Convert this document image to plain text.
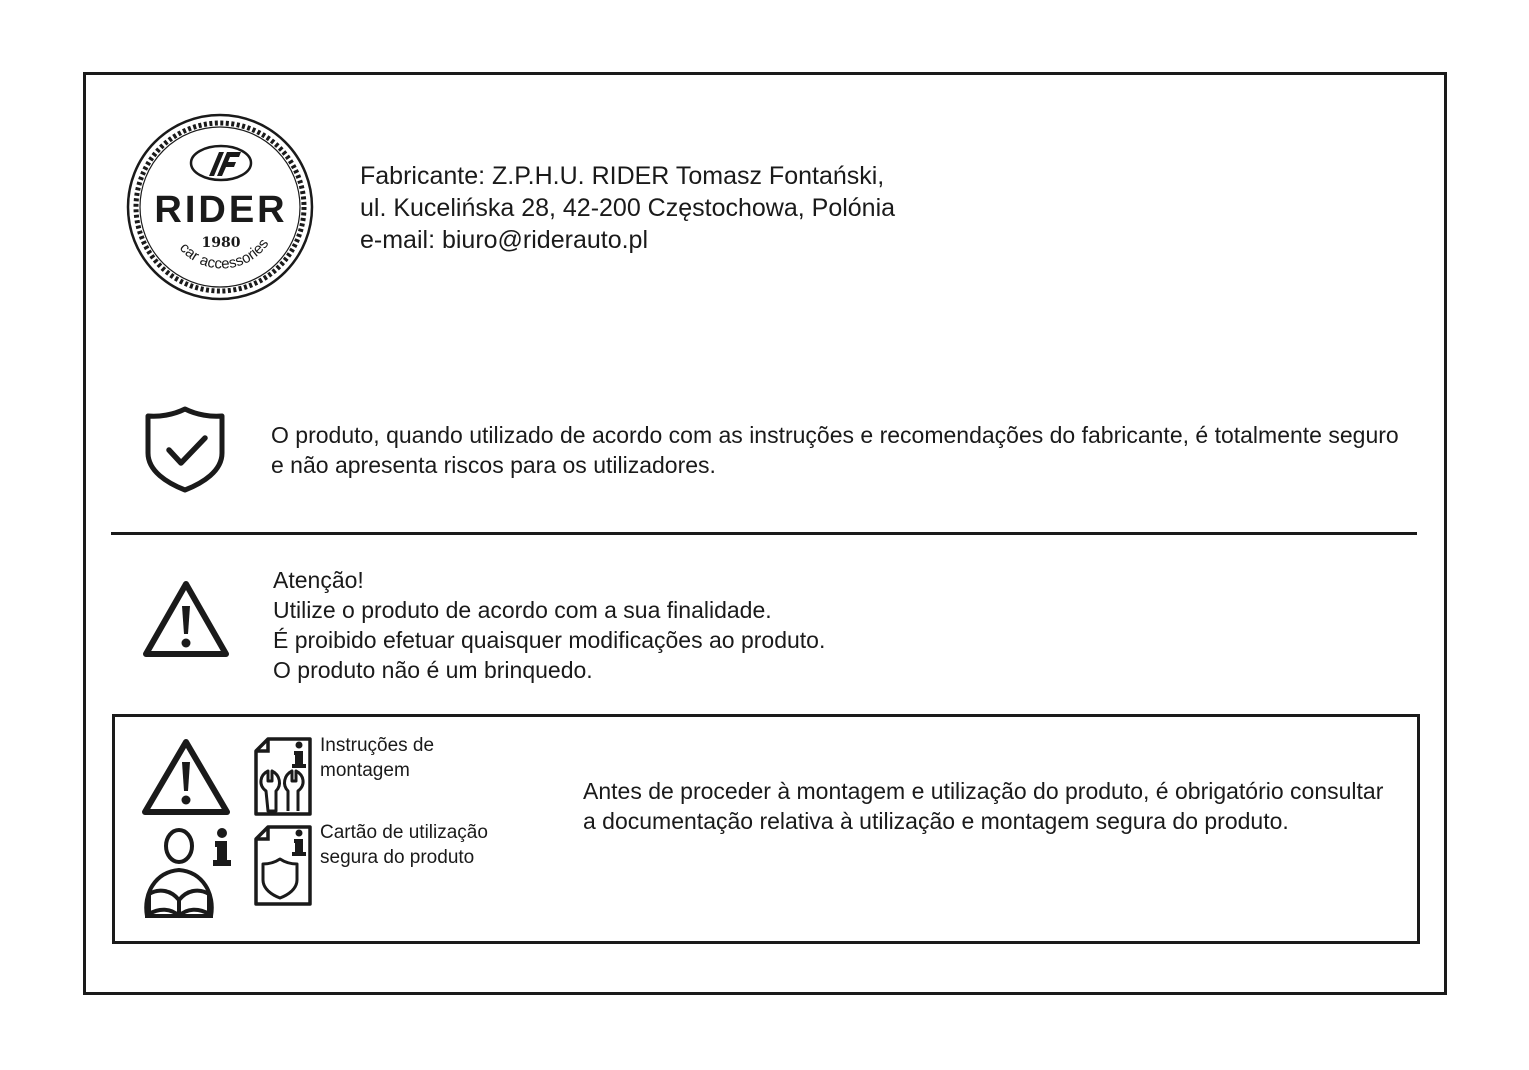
RIDER
1980
car accessories
Fabricante: Z.P.H.U. RIDER Tomasz Fontański,
ul. Kucelińska 28, 42-200 Częstochowa, Polónia
e-mail: biuro@riderauto.pl
O produto, quando utilizado de acordo com as instruções e recomendações do fabricante, é totalmente seguro e não apresenta riscos para os utilizadores.
Atenção!
Utilize o produto de acordo com a sua finalidade.
É proibido efetuar quaisquer modificações ao produto.
O produto não é um brinquedo.
Instruções de
montagem
Cartão de utilização
segura do produto
Antes de proceder à montagem e utilização do produto, é obrigatório consultar a documentação relativa à utilização e montagem segura do produto.
